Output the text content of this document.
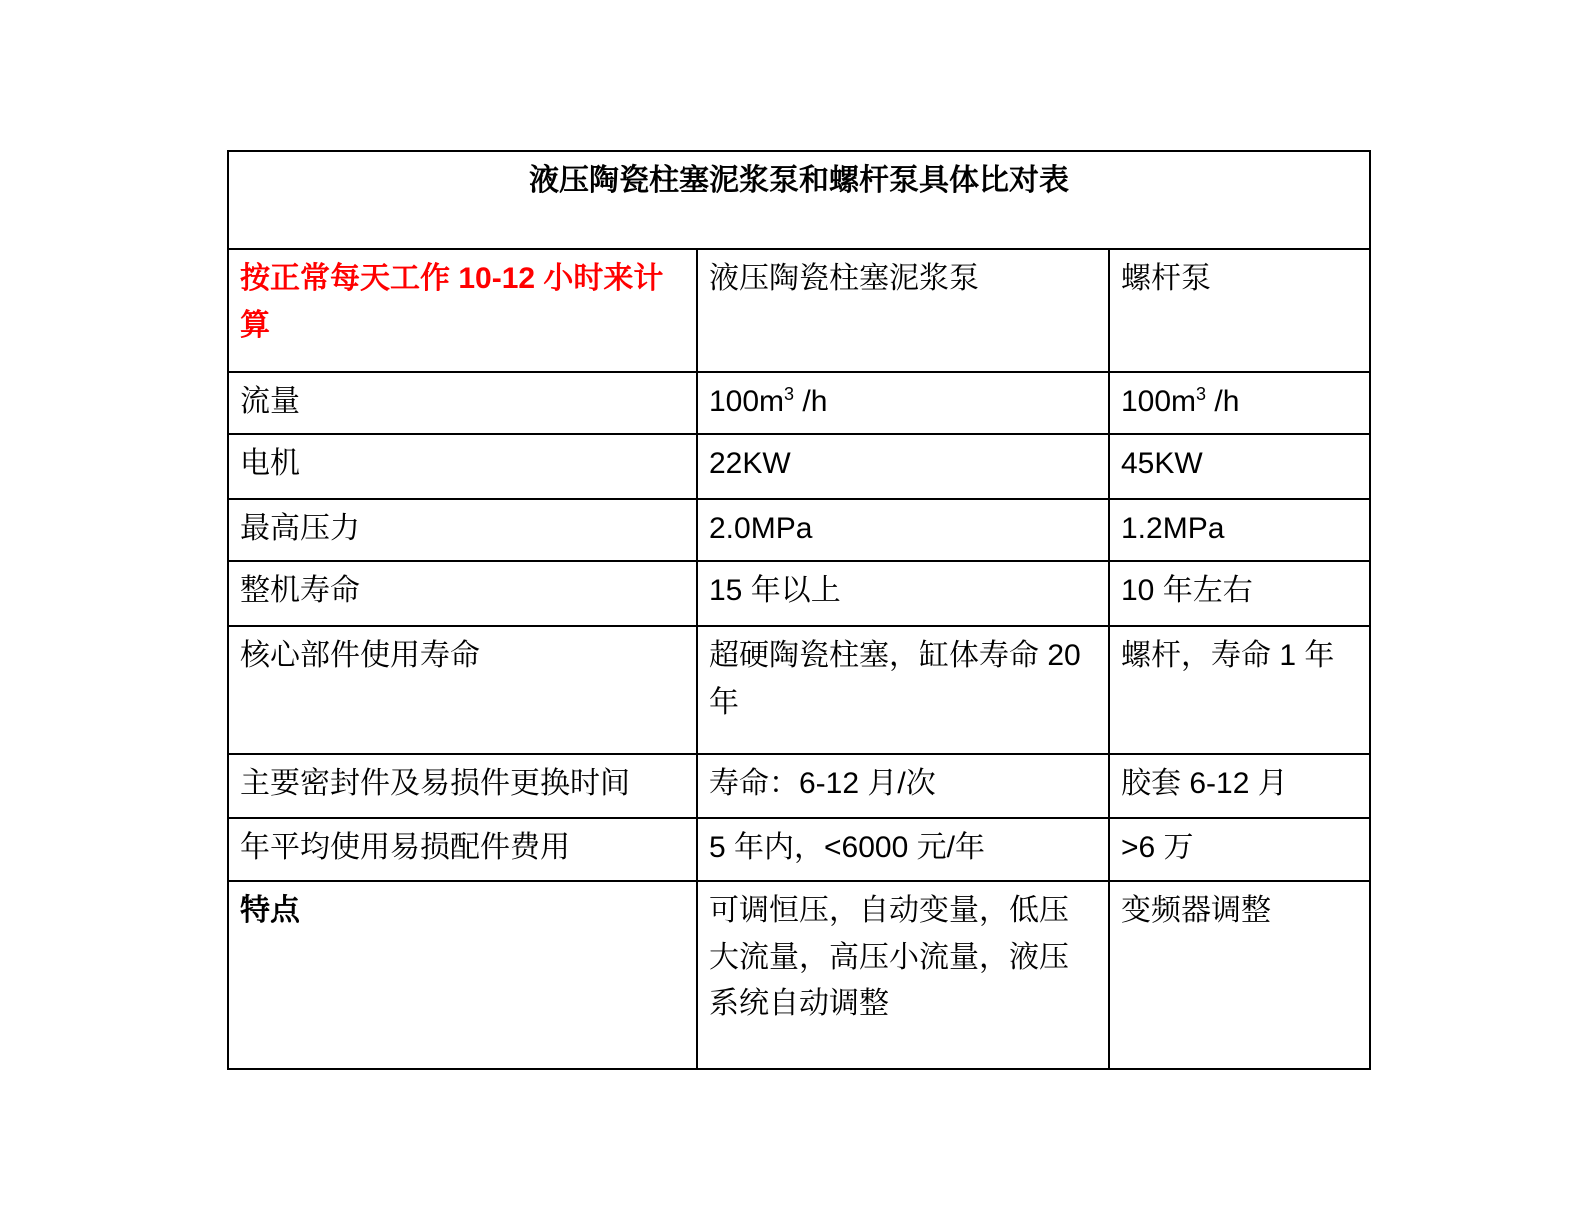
液压陶瓷柱塞泥浆泵和螺杆泵具体比对表		
按正常每天工作 10-12 小时来计算	液压陶瓷柱塞泥浆泵	螺杆泵
流量	$100m^3$ /h	$100m^3$ /h
电机	22KW	45KW
最高压力	2.0MPa	1.2MPa
整机寿命	15 年以上	10 年左右
核心部件使用寿命	超硬陶瓷柱塞，缸体寿命 20 年	螺杆，寿命 1 年
主要密封件及易损件更换时间	寿命：6-12 月/次	胶套 6-12 月
年平均使用易损配件费用	5 年内，<6000 元/年	>6 万
特点	可调恒压，自动变量，低压大流量，高压小流量，液压系统自动调整	变频器调整
